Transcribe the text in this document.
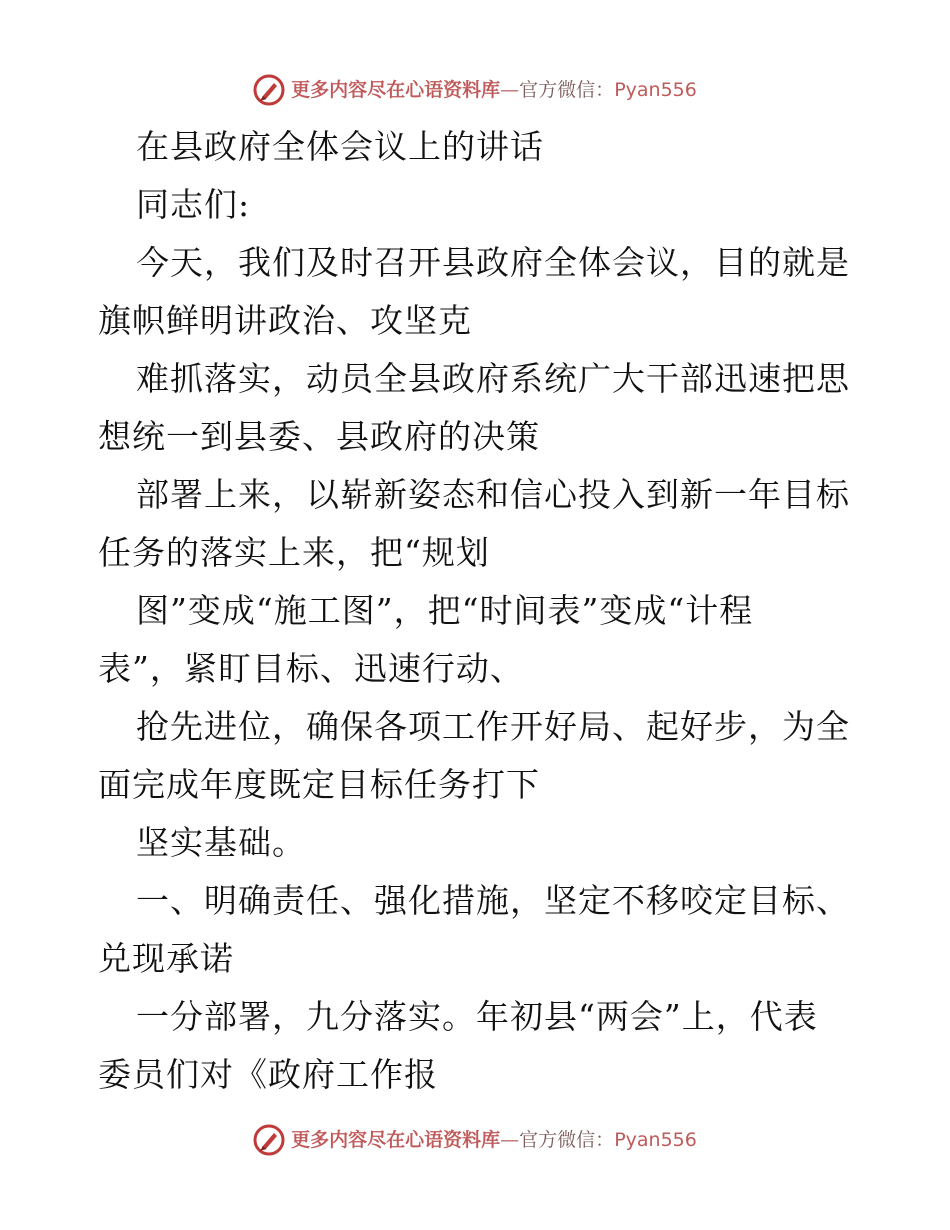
更多内容尽在心语资料库 — 官方微信： Pyan556
在县政府全体会议上的讲话
同志们:
今天，我们及时召开县政府全体会议，目的就是
旗帜鲜明讲政治、攻坚克
难抓落实，动员全县政府系统广大干部迅速把思
想统一到县委、县政府的决策
部署上来，以崭新姿态和信心投入到新一年目标
任务的落实上来，把“规划
图”变成“施工图”，把“时间表”变成“计程
表”，紧盯目标、迅速行动、
抢先进位，确保各项工作开好局、起好步，为全
面完成年度既定目标任务打下
坚实基础。
一、明确责任、强化措施，坚定不移咬定目标、
兑现承诺
一分部署，九分落实。年初县“两会”上，代表
委员们对《政府工作报
更多内容尽在心语资料库 — 官方微信： Pyan556
